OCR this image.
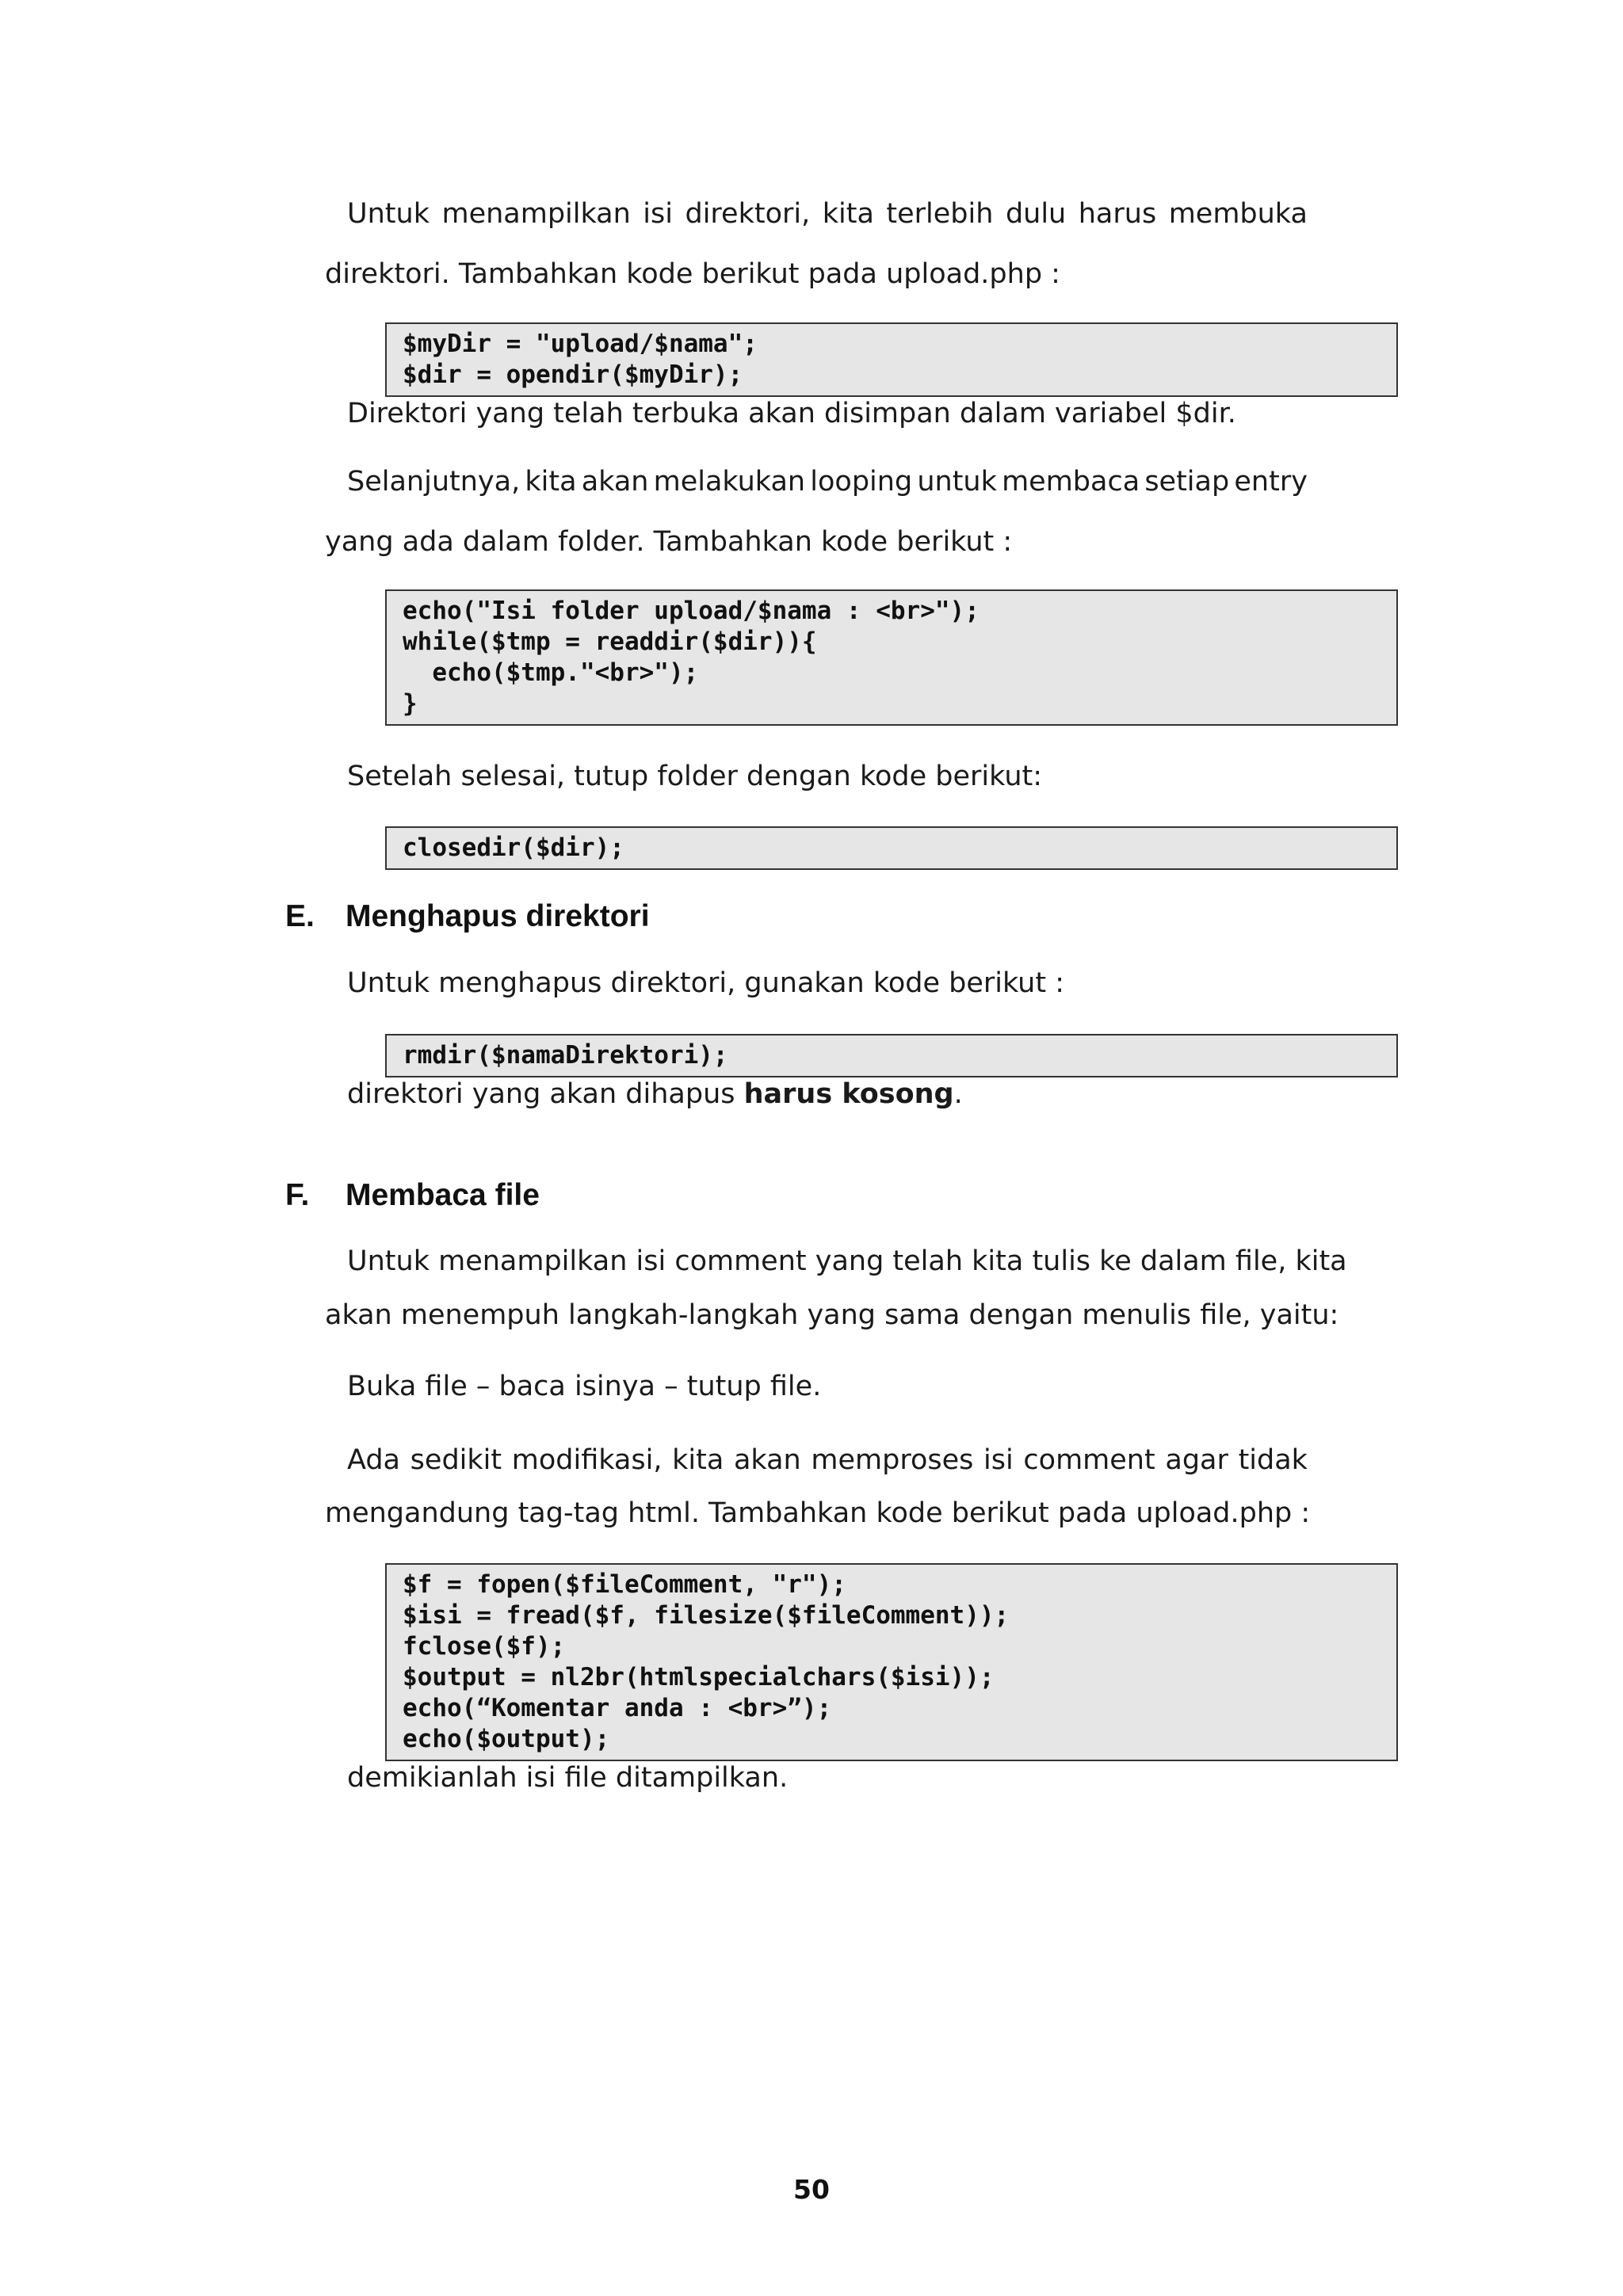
Untuk menampilkan isi direktori, kita terlebih dulu harus membuka

direktori. Tambahkan kode berikut pada upload.php :

$myDir = "upload/$nama";
$dir = opendir($myDir);

Direktori yang telah terbuka akan disimpan dalam variabel $dir.

Selanjutnya, kita akan melakukan looping untuk membaca setiap entry

yang ada dalam folder. Tambahkan kode berikut :

echo("Isi folder upload/$nama : <br>");
while($tmp = readdir($dir)){
echo($tmp."<br>");
}

Setelah selesai, tutup folder dengan kode berikut:

closedir($dir);
E. Menghapus direktori

Untuk menghapus direktori, gunakan kode berikut :

rmdir($namaDirektori);

direktori yang akan dihapus harus kosong.

F. Membaca file

Untuk menampilkan isi comment yang telah kita tulis ke dalam file, kita

akan menempuh langkah-langkah yang sama dengan menulis file, yaitu:

Buka file – baca isinya – tutup file.

Ada sedikit modifikasi, kita akan memproses isi comment agar tidak

mengandung tag-tag html. Tambahkan kode berikut pada upload.php :

$f = fopen($fileComment, "r");
$isi = fread($f, filesize($fileComment));
fclose($f);
$output = nl2br(htmlspecialchars($isi));
echo(“Komentar anda : <br>”);
echo($output);

demikianlah isi file ditampilkan.

50
